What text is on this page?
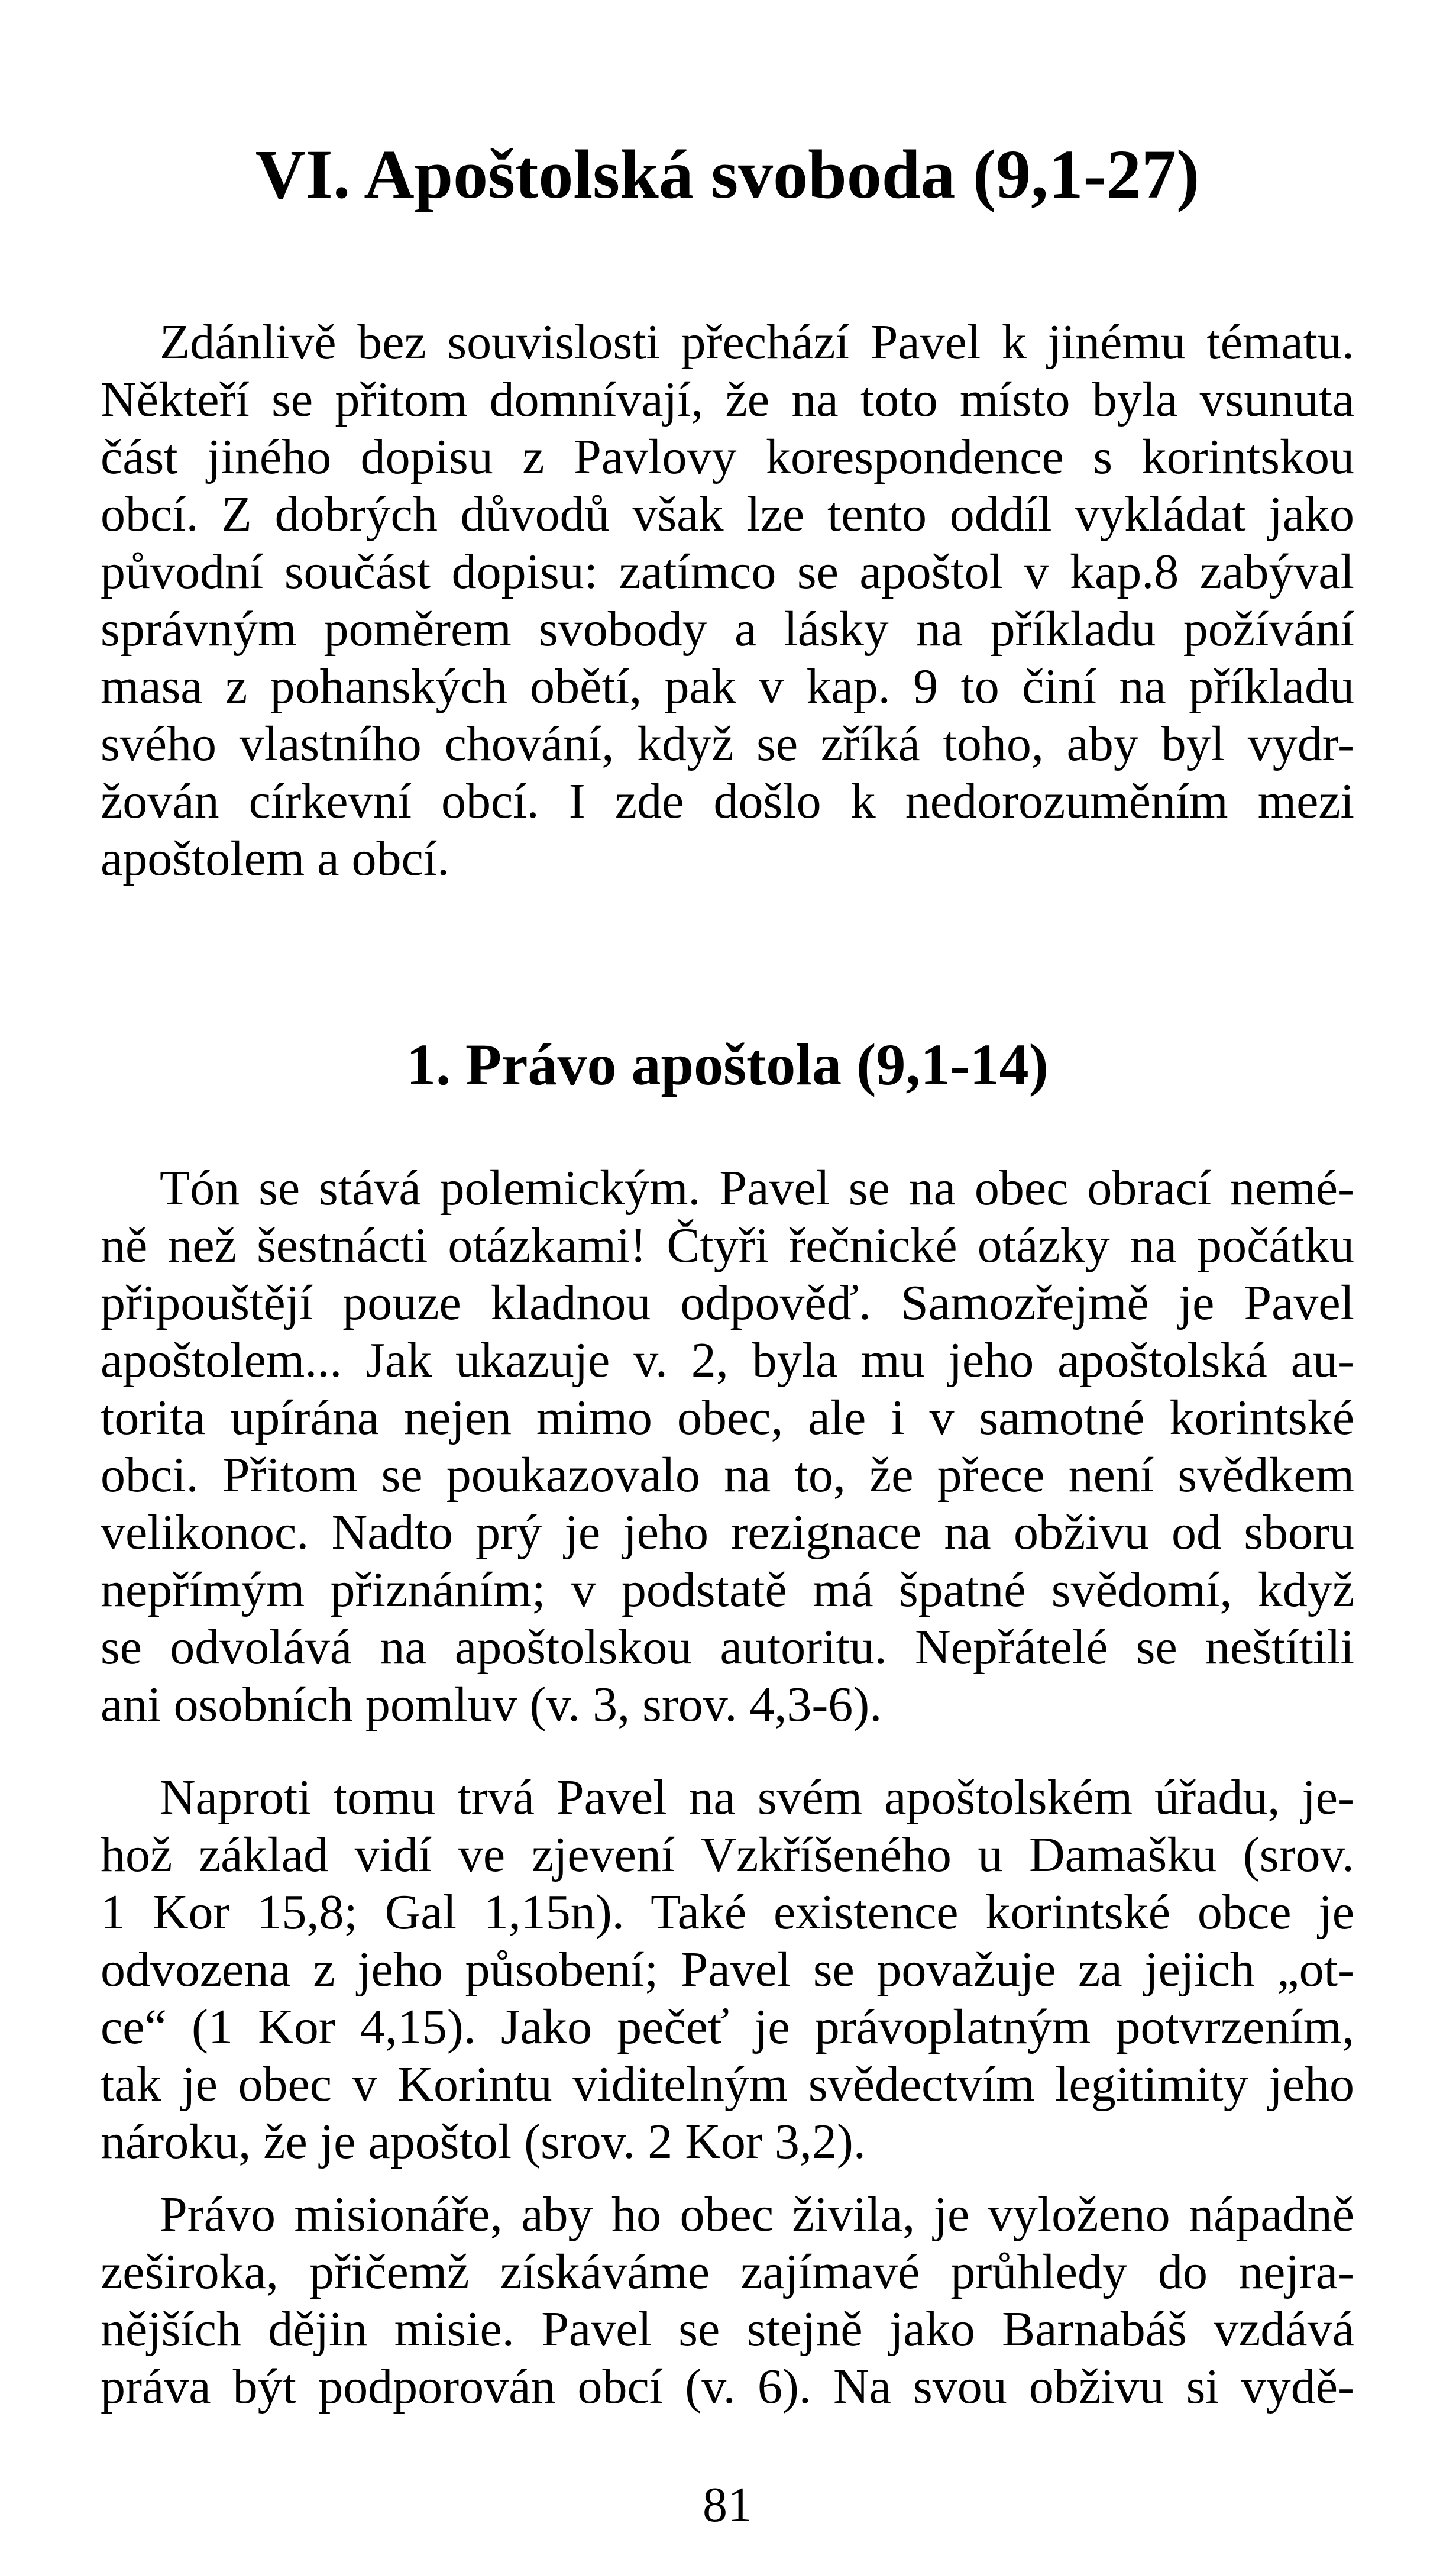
VI. Apoštolská svoboda (9,1-27)
Zdánlivě bez souvislosti přechází Pavel k jinému tématu.
Někteří se přitom domnívají, že na toto místo byla vsunuta
část jiného dopisu z Pavlovy korespondence s korintskou
obcí. Z dobrých důvodů však lze tento oddíl vykládat jako
původní součást dopisu: zatímco se apoštol v kap.8 zabýval
správným poměrem svobody a lásky na příkladu požívání
masa z pohanských obětí, pak v kap. 9 to činí na příkladu
svého vlastního chování, když se zříká toho, aby byl vydr-
žován církevní obcí. I zde došlo k nedorozuměním mezi
apoštolem a obcí.
1. Právo apoštola (9,1-14)
Tón se stává polemickým. Pavel se na obec obrací nemé-
ně než šestnácti otázkami! Čtyři řečnické otázky na počátku
připouštějí pouze kladnou odpověď. Samozřejmě je Pavel
apoštolem... Jak ukazuje v. 2, byla mu jeho apoštolská au-
torita upírána nejen mimo obec, ale i v samotné korintské
obci. Přitom se poukazovalo na to, že přece není svědkem
velikonoc. Nadto prý je jeho rezignace na obživu od sboru
nepřímým přiznáním; v podstatě má špatné svědomí, když
se odvolává na apoštolskou autoritu. Nepřátelé se neštítili
ani osobních pomluv (v. 3, srov. 4,3-6).
Naproti tomu trvá Pavel na svém apoštolském úřadu, je-
hož základ vidí ve zjevení Vzkříšeného u Damašku (srov.
1 Kor 15,8; Gal 1,15n). Také existence korintské obce je
odvozena z jeho působení; Pavel se považuje za jejich „ot-
ce“ (1 Kor 4,15). Jako pečeť je právoplatným potvrzením,
tak je obec v Korintu viditelným svědectvím legitimity jeho
nároku, že je apoštol (srov. 2 Kor 3,2).
Právo misionáře, aby ho obec živila, je vyloženo nápadně
zeširoka, přičemž získáváme zajímavé průhledy do nejra-
nějších dějin misie. Pavel se stejně jako Barnabáš vzdává
práva být podporován obcí (v. 6). Na svou obživu si vydě-
81
